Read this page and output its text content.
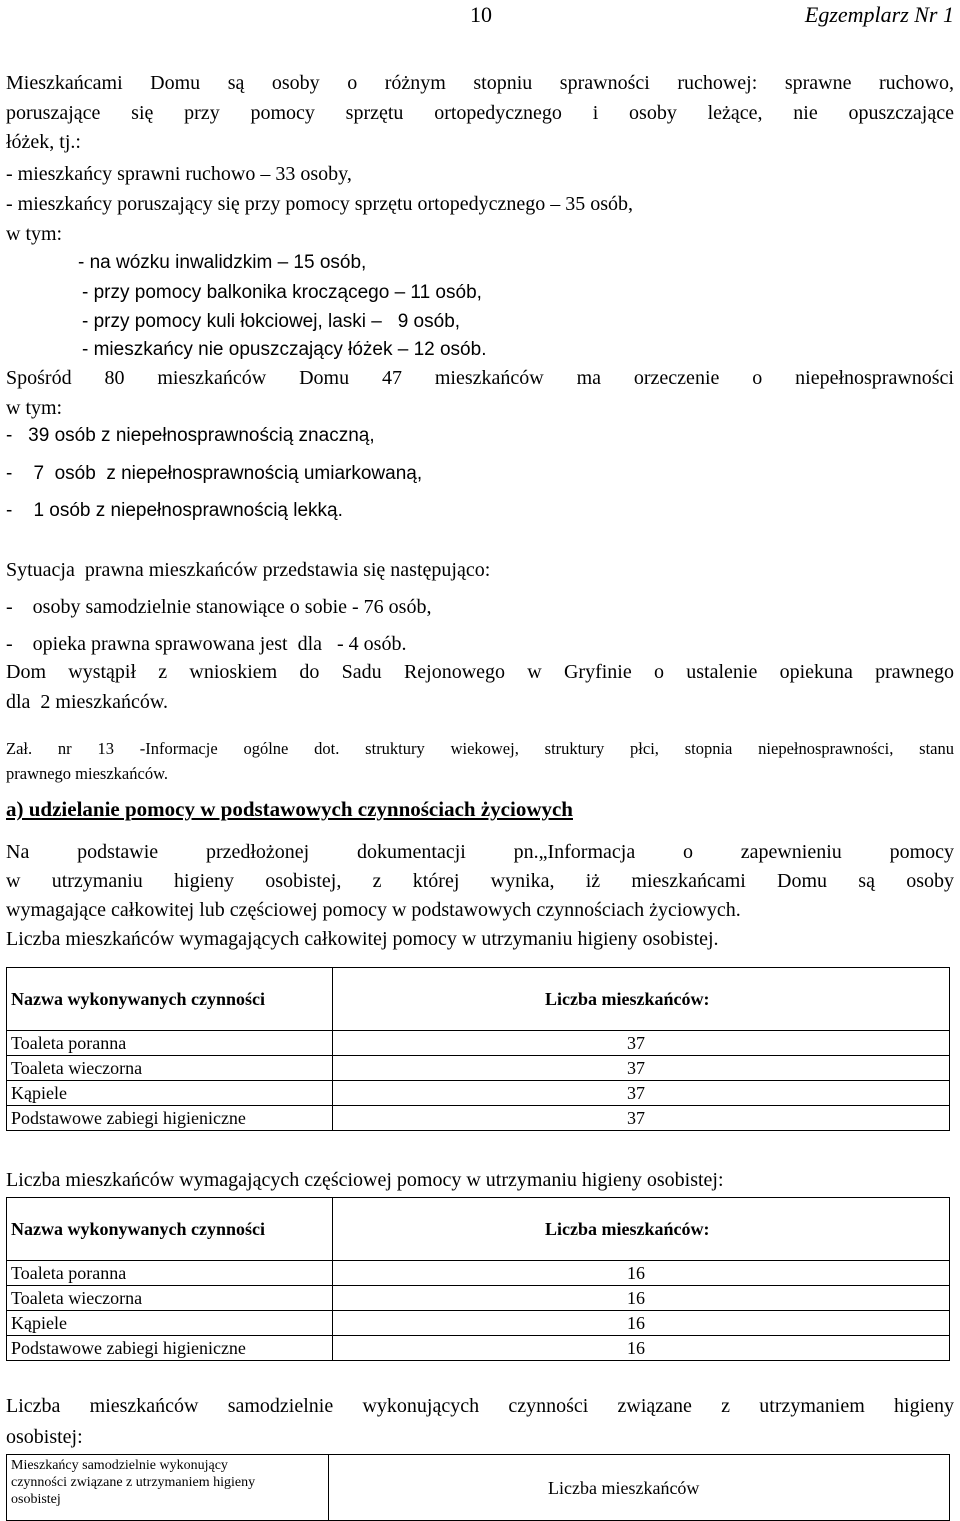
10	Egzemplarz Nr 1
Mieszkańcami Domu są osoby o różnym stopniu sprawności ruchowej: sprawne ruchowo,
poruszające się przy pomocy sprzętu ortopedycznego i osoby leżące, nie opuszczające
łóżek, tj.:
- mieszkańcy sprawni ruchowo – 33 osoby,
- mieszkańcy poruszający się przy pomocy sprzętu ortopedycznego – 35 osób,
w tym:
- na wózku inwalidzkim – 15 osób,
- przy pomocy balkonika kroczącego – 11 osób,
- przy pomocy kuli łokciowej, laski –   9 osób,
- mieszkańcy nie opuszczający łóżek – 12 osób.
Spośród 80 mieszkańców Domu 47 mieszkańców ma orzeczenie o niepełnosprawności
w tym:
-   39 osób z niepełnosprawnością znaczną,
-    7  osób  z niepełnosprawnością umiarkowaną,
-    1 osób z niepełnosprawnością lekką.
Sytuacja  prawna mieszkańców przedstawia się następująco:
-    osoby samodzielnie stanowiące o sobie - 76 osób,
-    opieka prawna sprawowana jest  dla   - 4 osób.
Dom wystąpił z wnioskiem do Sadu Rejonowego w Gryfinie o ustalenie opiekuna prawnego
dla  2 mieszkańców.
Zał. nr 13 -Informacje ogólne dot. struktury wiekowej, struktury płci, stopnia niepełnosprawności, stanu
prawnego mieszkańców.
a) udzielanie pomocy w podstawowych czynnościach życiowych
Na podstawie przedłożonej dokumentacji pn.„Informacja o zapewnieniu pomocy
w utrzymaniu higieny osobistej, z której wynika, iż mieszkańcami Domu są osoby
wymagające całkowitej lub częściowej pomocy w podstawowych czynnościach życiowych.
Liczba mieszkańców wymagających całkowitej pomocy w utrzymaniu higieny osobistej.
Nazwa wykonywanych czynności	Liczba mieszkańców:
Toaleta poranna	37
Toaleta wieczorna	37
Kąpiele	37
Podstawowe zabiegi higieniczne	37
Liczba mieszkańców wymagających częściowej pomocy w utrzymaniu higieny osobistej:
Nazwa wykonywanych czynności	Liczba mieszkańców:
Toaleta poranna	16
Toaleta wieczorna	16
Kąpiele	16
Podstawowe zabiegi higieniczne	16
Liczba mieszkańców samodzielnie wykonujących czynności związane z utrzymaniem higieny
osobistej:
Mieszkańcy samodzielnie wykonujący
czynności związane z utrzymaniem higieny
osobistej
	Liczba mieszkańców
